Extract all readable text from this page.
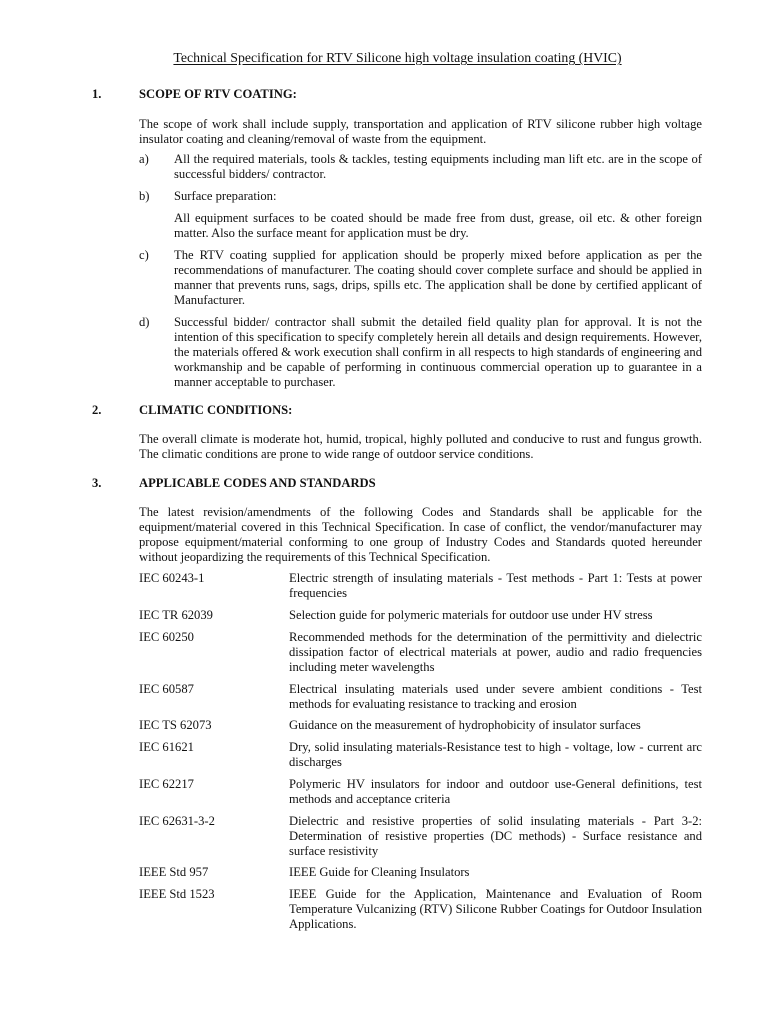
Technical Specification for RTV Silicone high voltage insulation coating (HVIC)
1.	SCOPE OF RTV COATING:
The scope of work shall include supply, transportation and application of RTV silicone rubber high voltage insulator coating and cleaning/removal of waste from the equipment.
a) All the required materials, tools & tackles, testing equipments including man lift etc. are in the scope of successful bidders/ contractor.
b) Surface preparation:
All equipment surfaces to be coated should be made free from dust, grease, oil etc. & other foreign matter. Also the surface meant for application must be dry.
c) The RTV coating supplied for application should be properly mixed before application as per the recommendations of manufacturer. The coating should cover complete surface and should be applied in manner that prevents runs, sags, drips, spills etc. The application shall be done by certified applicant of Manufacturer.
d) Successful bidder/ contractor shall submit the detailed field quality plan for approval. It is not the intention of this specification to specify completely herein all details and design requirements. However, the materials offered & work execution shall confirm in all respects to high standards of engineering and workmanship and be capable of performing in continuous commercial operation up to guarantee in a manner acceptable to purchaser.
2.	CLIMATIC CONDITIONS:
The overall climate is moderate hot, humid, tropical, highly polluted and conducive to rust and fungus growth. The climatic conditions are prone to wide range of outdoor service conditions.
3.	APPLICABLE CODES AND STANDARDS
The latest revision/amendments of the following Codes and Standards shall be applicable for the equipment/material covered in this Technical Specification. In case of conflict, the vendor/manufacturer may propose equipment/material conforming to one group of Industry Codes and Standards quoted hereunder without jeopardizing the requirements of this Technical Specification.
IEC 60243-1	Electric strength of insulating materials - Test methods - Part 1: Tests at power frequencies
IEC TR 62039	Selection guide for polymeric materials for outdoor use under HV stress
IEC 60250	Recommended methods for the determination of the permittivity and dielectric dissipation factor of electrical materials at power, audio and radio frequencies including meter wavelengths
IEC 60587	Electrical insulating materials used under severe ambient conditions - Test methods for evaluating resistance to tracking and erosion
IEC TS 62073	Guidance on the measurement of hydrophobicity of insulator surfaces
IEC 61621	Dry, solid insulating materials-Resistance test to high - voltage, low - current arc discharges
IEC 62217	Polymeric HV insulators for indoor and outdoor use-General definitions, test methods and acceptance criteria
IEC 62631-3-2	Dielectric and resistive properties of solid insulating materials - Part 3-2: Determination of resistive properties (DC methods) - Surface resistance and surface resistivity
IEEE Std 957	IEEE Guide for Cleaning Insulators
IEEE Std 1523	IEEE Guide for the Application, Maintenance and Evaluation of Room Temperature Vulcanizing (RTV) Silicone Rubber Coatings for Outdoor Insulation Applications.
